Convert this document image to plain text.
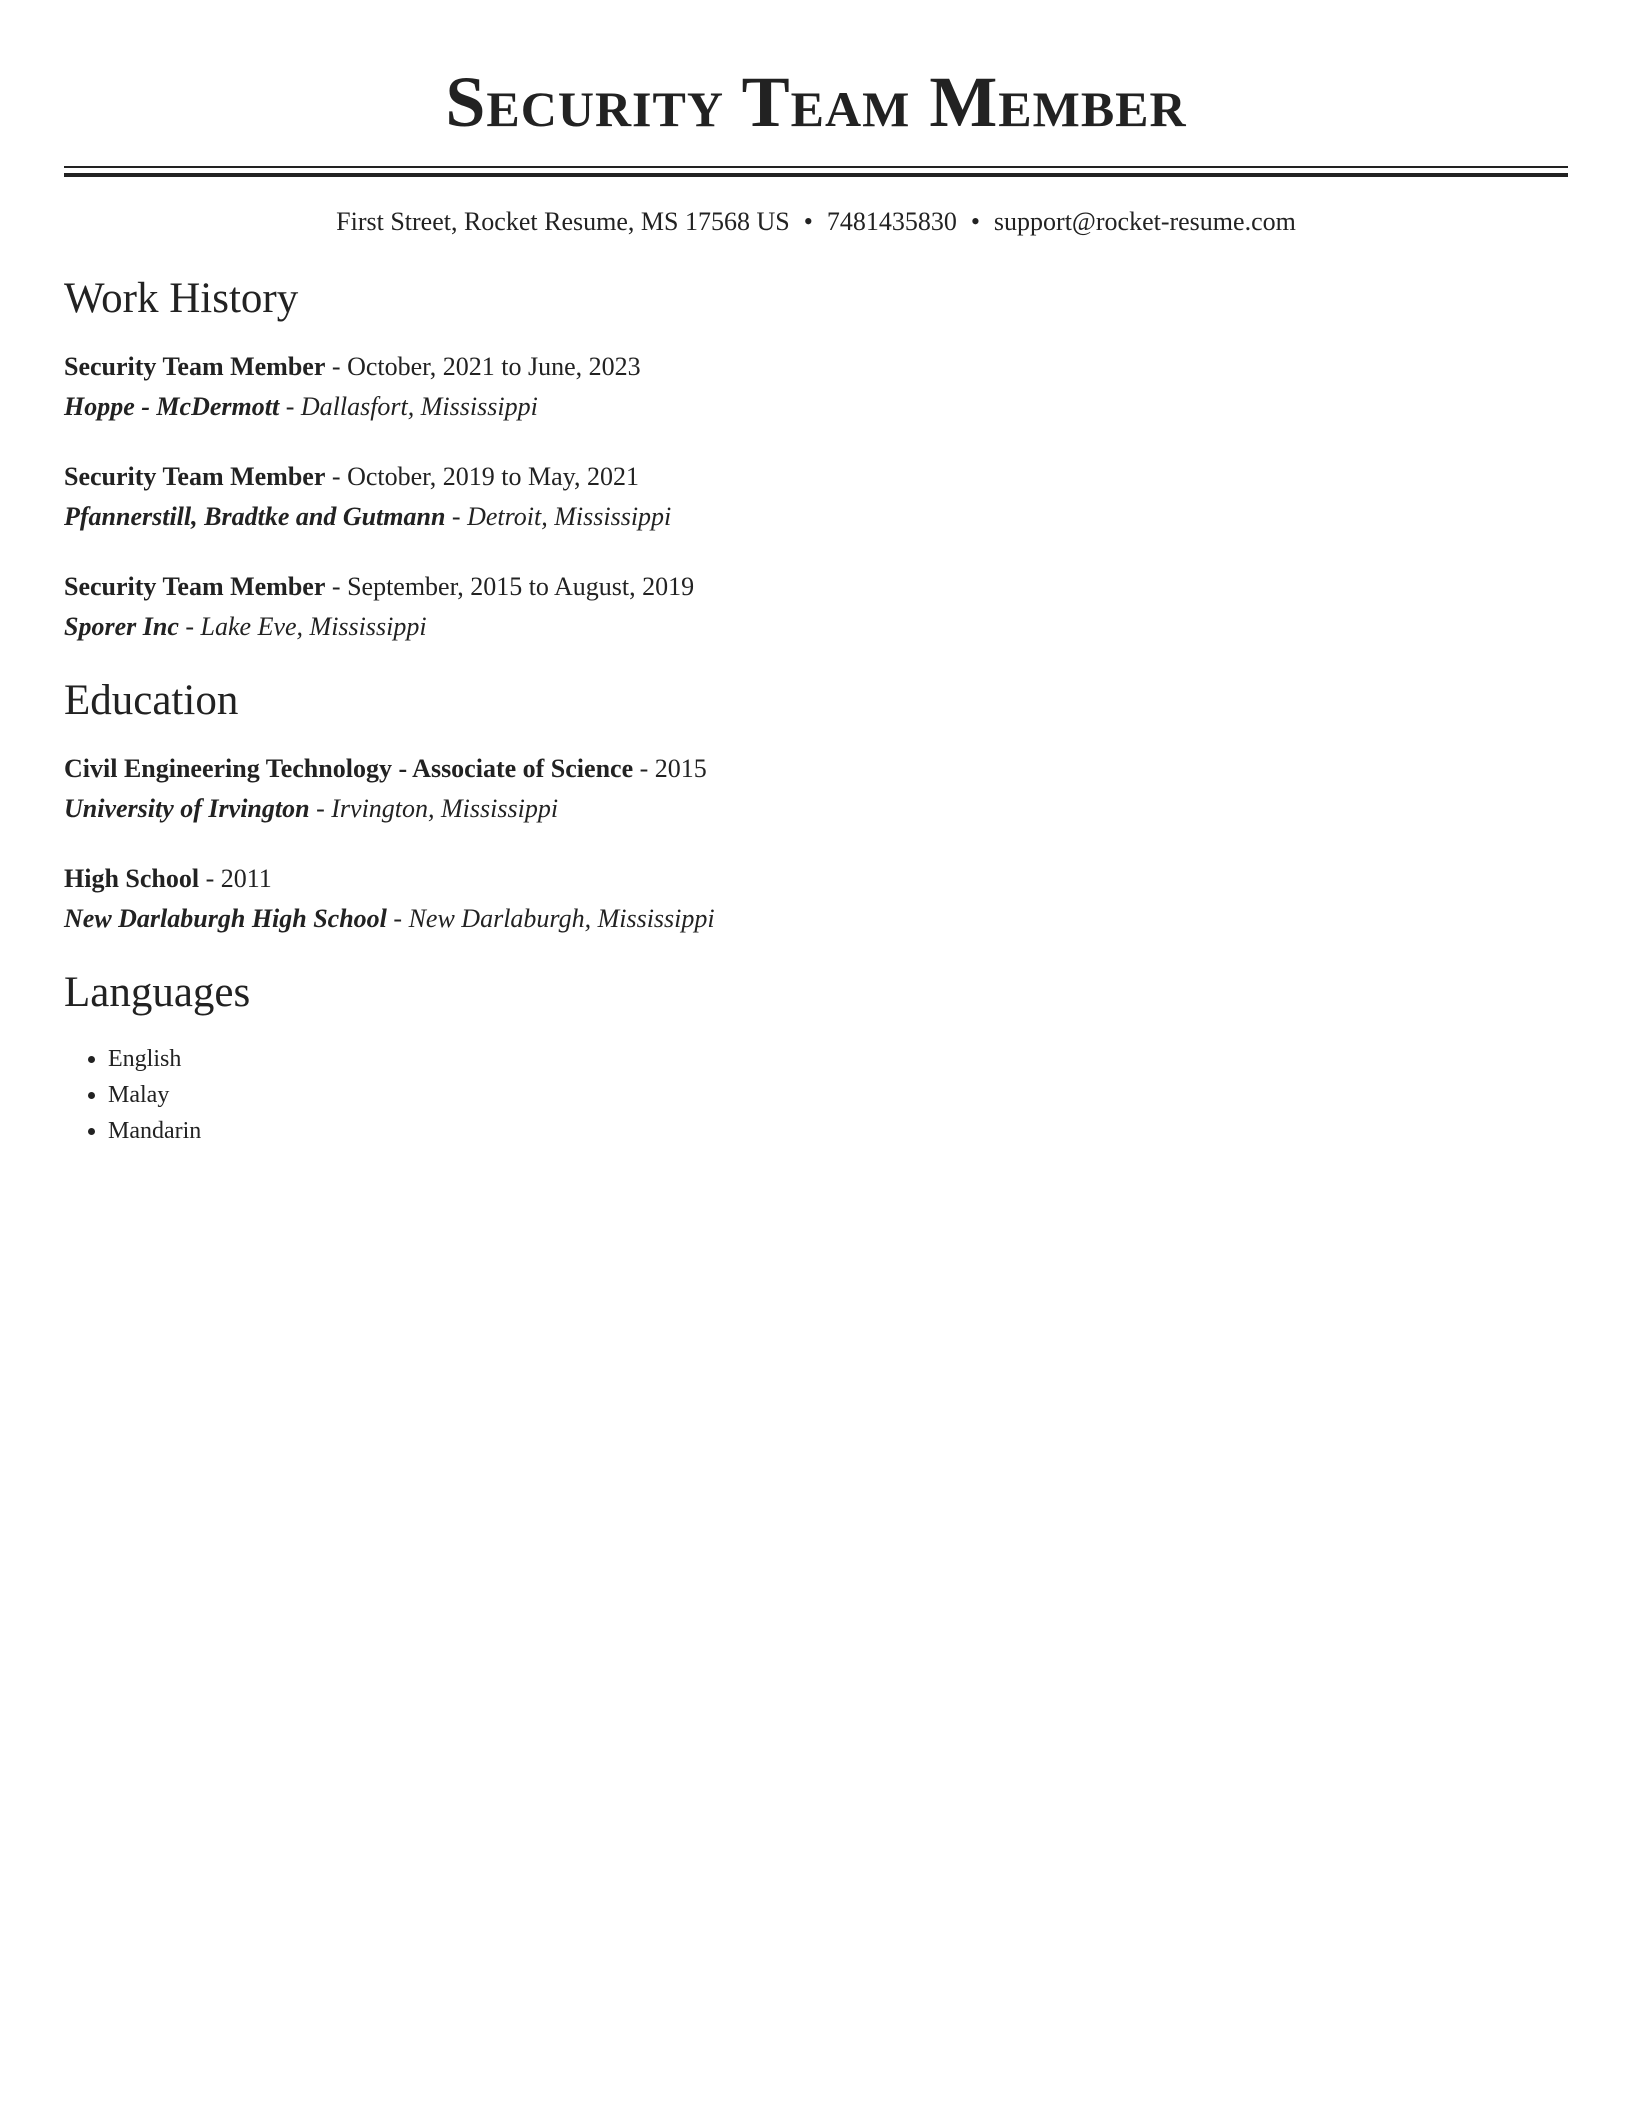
Security Team Member
First Street, Rocket Resume, MS 17568 US • 7481435830 • support@rocket-resume.com
Work History
Security Team Member - October, 2021 to June, 2023
Hoppe - McDermott - Dallasfort, Mississippi
Security Team Member - October, 2019 to May, 2021
Pfannerstill, Bradtke and Gutmann - Detroit, Mississippi
Security Team Member - September, 2015 to August, 2019
Sporer Inc - Lake Eve, Mississippi
Education
Civil Engineering Technology - Associate of Science - 2015
University of Irvington - Irvington, Mississippi
High School - 2011
New Darlaburgh High School - New Darlaburgh, Mississippi
Languages
• English
• Malay
• Mandarin
